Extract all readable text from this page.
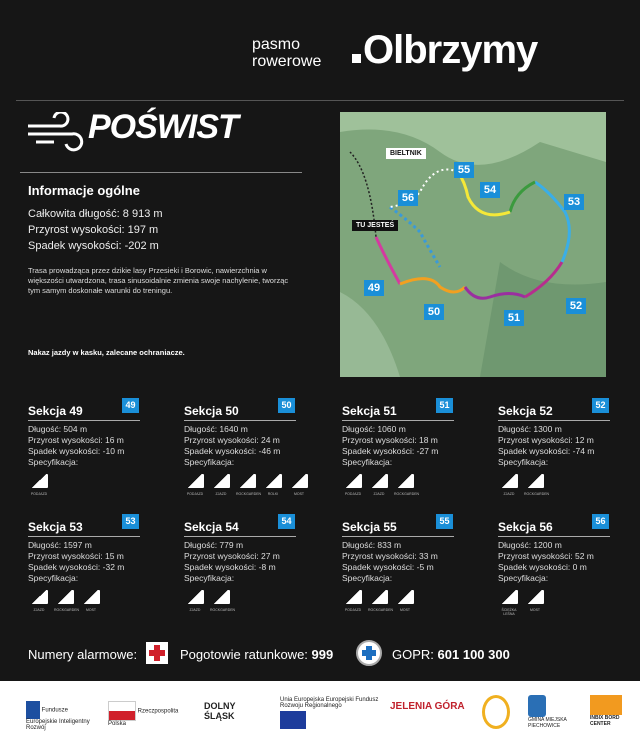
pasmo
rowerowe Olbrzymy
POŚWIST
Informacje ogólne
Całkowita długość: 8 913 m
Przyrost wysokości: 197 m
Spadek wysokości: -202 m
Trasa prowadząca przez dzikie lasy Przesieki i Borowic, nawierzchnia w większości utwardzona, trasa sinusoidalnie zmienia swoje nachylenie, tworząc tym samym doskonałe warunki do treningu.
Nakaz jazdy w kasku, zalecane ochraniacze.
BIELTNIK
TU JESTEŚ
49
50	51
52
53
54
55
56
Sekcja 49	49
Długość: 504 m
Przyrost wysokości: 16 m
Spadek wysokości: -10 m
Specyfikacja:
PODJAZD
Sekcja 50	50
Długość: 1640 m
Przyrost wysokości: 24 m
Spadek wysokości: -46 m
Specyfikacja:
PODJAZD	ZJAZD	ROCKGARDEN	ROLKI	MOST
Sekcja 51	51
Długość: 1060 m
Przyrost wysokości: 18 m
Spadek wysokości: -27 m
Specyfikacja:
PODJAZD	ZJAZD	ROCKGARDEN
Sekcja 52	52
Długość: 1300 m
Przyrost wysokości: 12 m
Spadek wysokości: -74 m
Specyfikacja:
ZJAZD	ROCKGARDEN
Sekcja 53	53
Długość: 1597 m
Przyrost wysokości: 15 m
Spadek wysokości: -32 m
Specyfikacja:
ZJAZD	ROCKGARDEN	MOST
Sekcja 54	54
Długość: 779 m
Przyrost wysokości: 27 m
Spadek wysokości: -8 m
Specyfikacja:
ZJAZD	ROCKGARDEN
Sekcja 55	55
Długość: 833 m
Przyrost wysokości: 33 m
Spadek wysokości: -5 m
Specyfikacja:
PODJAZD	ROCKGARDEN	MOST
Sekcja 56	56
Długość: 1200 m
Przyrost wysokości: 52 m
Spadek wysokości: 0 m
Specyfikacja:
ŚCIEŻKA LEŚNA
MOST
Numery alarmowe:	Pogotowie ratunkowe: 999	GOPR: 601 100 300
Fundusze Europejskie Inteligentny Rozwój
Rzeczpospolita Polska
DOLNY ŚLĄSK
Unia Europejska Europejski Fundusz Rozwoju Regionalnego	JELENIA GÓRA
GMINA MIEJSKA PIECHOWICE
INBIX BORD CENTER
